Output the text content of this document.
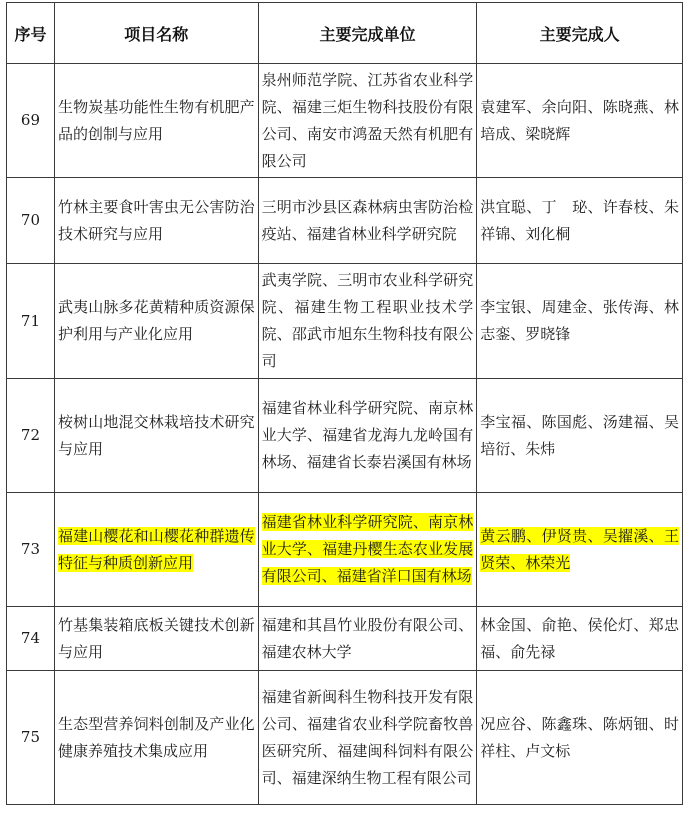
序号	项目名称	主要完成单位	主要完成人
69	生物炭基功能性生物有机肥产品的创制与应用	泉州师范学院、江苏省农业科学院、福建三炬生物科技股份有限公司、南安市鸿盈天然有机肥有限公司	袁建军、余向阳、陈晓燕、林培成、梁晓辉
70	竹林主要食叶害虫无公害防治技术研究与应用	三明市沙县区森林病虫害防治检疫站、福建省林业科学研究院	洪宜聪、丁　珌、许春枝、朱祥锦、刘化桐
71	武夷山脉多花黄精种质资源保护利用与产业化应用	武夷学院、三明市农业科学研究院、福建生物工程职业技术学院、邵武市旭东生物科技有限公司	李宝银、周建金、张传海、林志銮、罗晓锋
72	桉树山地混交林栽培技术研究与应用	福建省林业科学研究院、南京林业大学、福建省龙海九龙岭国有林场、福建省长泰岩溪国有林场	李宝福、陈国彪、汤建福、吴培衍、朱炜
73	福建山樱花和山樱花种群遗传特征与种质创新应用	福建省林业科学研究院、南京林业大学、福建丹樱生态农业发展有限公司、福建省洋口国有林场	黄云鹏、伊贤贵、吴擢溪、王贤荣、林荣光
74	竹基集装箱底板关键技术创新与应用	福建和其昌竹业股份有限公司、福建农林大学	林金国、俞艳、侯伦灯、郑忠福、俞先禄
75	生态型营养饲料创制及产业化健康养殖技术集成应用	福建省新闽科生物科技开发有限公司、福建省农业科学院畜牧兽医研究所、福建闽科饲料有限公司、福建深纳生物工程有限公司	况应谷、陈鑫珠、陈炳钿、时祥柱、卢文标
